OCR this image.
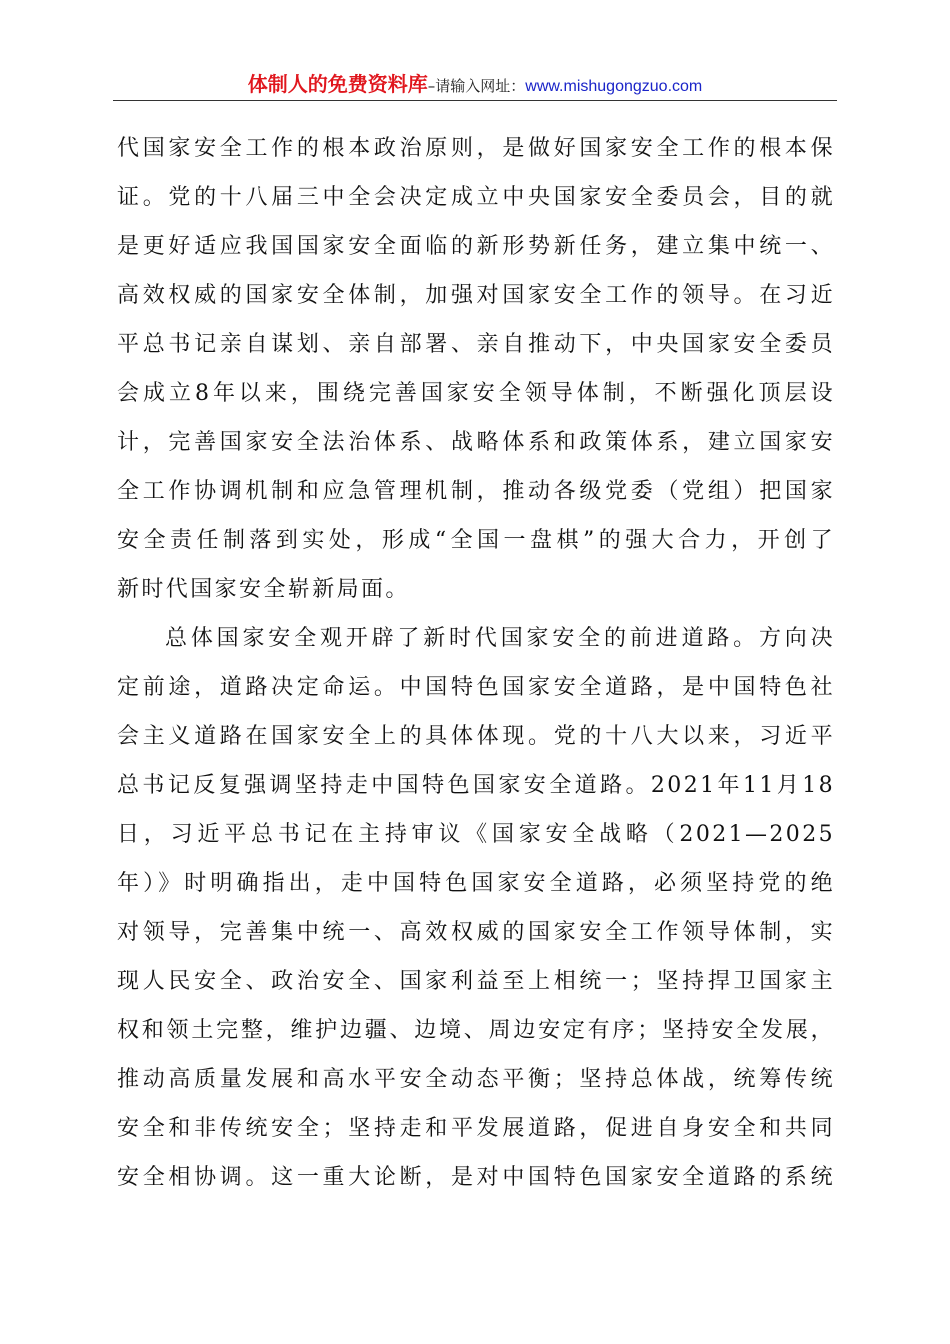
体制人的免费资料库–请输入网址：www.mishugongzuo.com
代国家安全工作的根本政治原则，是做好国家安全工作的根本保
证。党的十八届三中全会决定成立中央国家安全委员会，目的就
是更好适应我国国家安全面临的新形势新任务，建立集中统一、
高效权威的国家安全体制，加强对国家安全工作的领导。在习近
平总书记亲自谋划、亲自部署、亲自推动下，中央国家安全委员
会成立8年以来，围绕完善国家安全领导体制，不断强化顶层设
计，完善国家安全法治体系、战略体系和政策体系，建立国家安
全工作协调机制和应急管理机制，推动各级党委（党组）把国家
安全责任制落到实处，形成“全国一盘棋”的强大合力，开创了
新时代国家安全崭新局面。
总体国家安全观开辟了新时代国家安全的前进道路。方向决
定前途，道路决定命运。中国特色国家安全道路，是中国特色社
会主义道路在国家安全上的具体体现。党的十八大以来，习近平
总书记反复强调坚持走中国特色国家安全道路。2021年11月18
日，习近平总书记在主持审议《国家安全战略（2021—2025
年）》时明确指出，走中国特色国家安全道路，必须坚持党的绝
对领导，完善集中统一、高效权威的国家安全工作领导体制，实
现人民安全、政治安全、国家利益至上相统一；坚持捍卫国家主
权和领土完整，维护边疆、边境、周边安定有序；坚持安全发展，
推动高质量发展和高水平安全动态平衡；坚持总体战，统筹传统
安全和非传统安全；坚持走和平发展道路，促进自身安全和共同
安全相协调。这一重大论断，是对中国特色国家安全道路的系统
